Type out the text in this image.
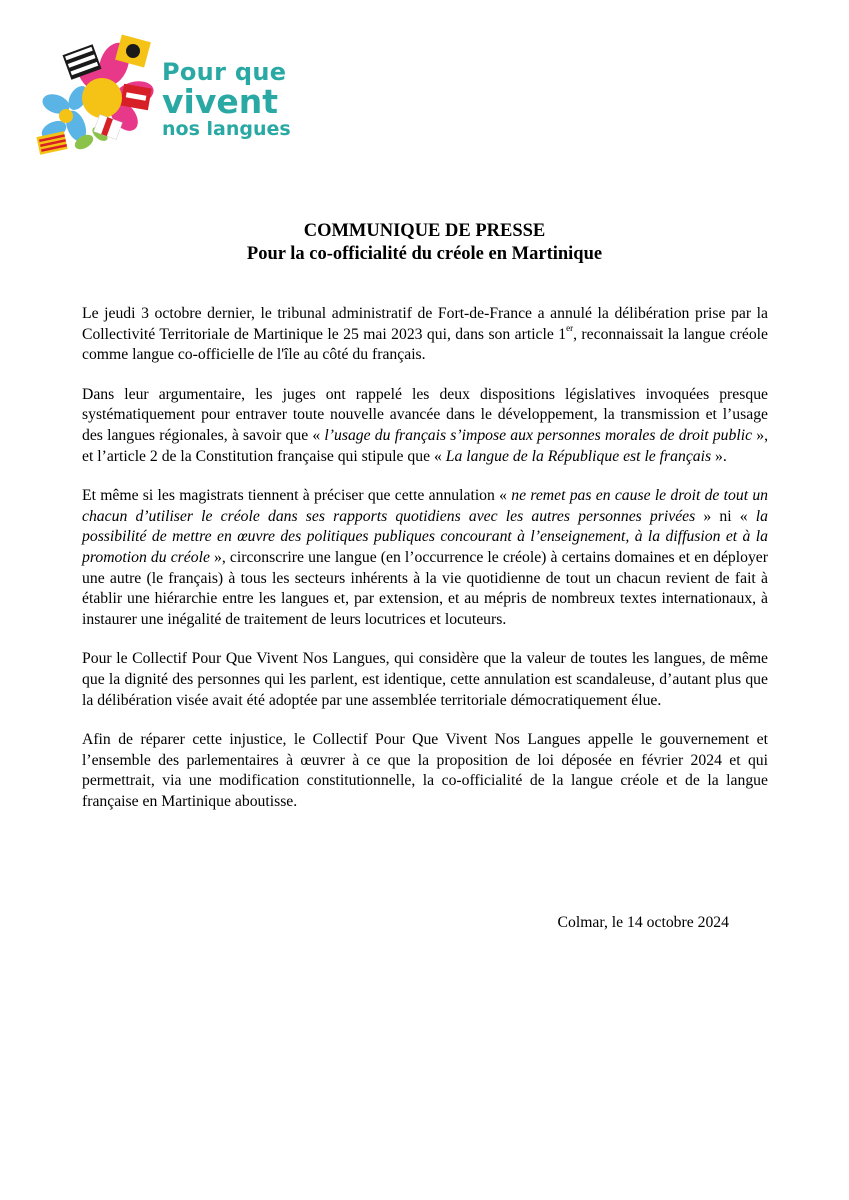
Pour que
vivent
nos langues
COMMUNIQUE DE PRESSE
Pour la co-officialité du créole en Martinique

Le jeudi 3 octobre dernier, le tribunal administratif de Fort-de-France a annulé la délibération prise par la Collectivité Territoriale de Martinique le 25 mai 2023 qui, dans son article 1er, reconnaissait la langue créole comme langue co-officielle de l'île au côté du français.

Dans leur argumentaire, les juges ont rappelé les deux dispositions législatives invoquées presque systématiquement pour entraver toute nouvelle avancée dans le développement, la transmission et l’usage des langues régionales, à savoir que « l’usage du français s’impose aux personnes morales de droit public », et l’article 2 de la Constitution française qui stipule que « La langue de la République est le français ».

Et même si les magistrats tiennent à préciser que cette annulation « ne remet pas en cause le droit de tout un chacun d’utiliser le créole dans ses rapports quotidiens avec les autres personnes privées » ni « la possibilité de mettre en œuvre des politiques publiques concourant à l’enseignement, à la diffusion et à la promotion du créole », circonscrire une langue (en l’occurrence le créole) à certains domaines et en déployer une autre (le français) à tous les secteurs inhérents à la vie quotidienne de tout un chacun revient de fait à établir une hiérarchie entre les langues et, par extension, et au mépris de nombreux textes internationaux, à instaurer une inégalité de traitement de leurs locutrices et locuteurs.

Pour le Collectif Pour Que Vivent Nos Langues, qui considère que la valeur de toutes les langues, de même que la dignité des personnes qui les parlent, est identique, cette annulation est scandaleuse, d’autant plus que la délibération visée avait été adoptée par une assemblée territoriale démocratiquement élue.

Afin de réparer cette injustice, le Collectif Pour Que Vivent Nos Langues appelle le gouvernement et l’ensemble des parlementaires à œuvrer à ce que la proposition de loi déposée en février 2024 et qui permettrait, via une modification constitutionnelle, la co-officialité de la langue créole et de la langue française en Martinique aboutisse.

Colmar, le 14 octobre 2024
